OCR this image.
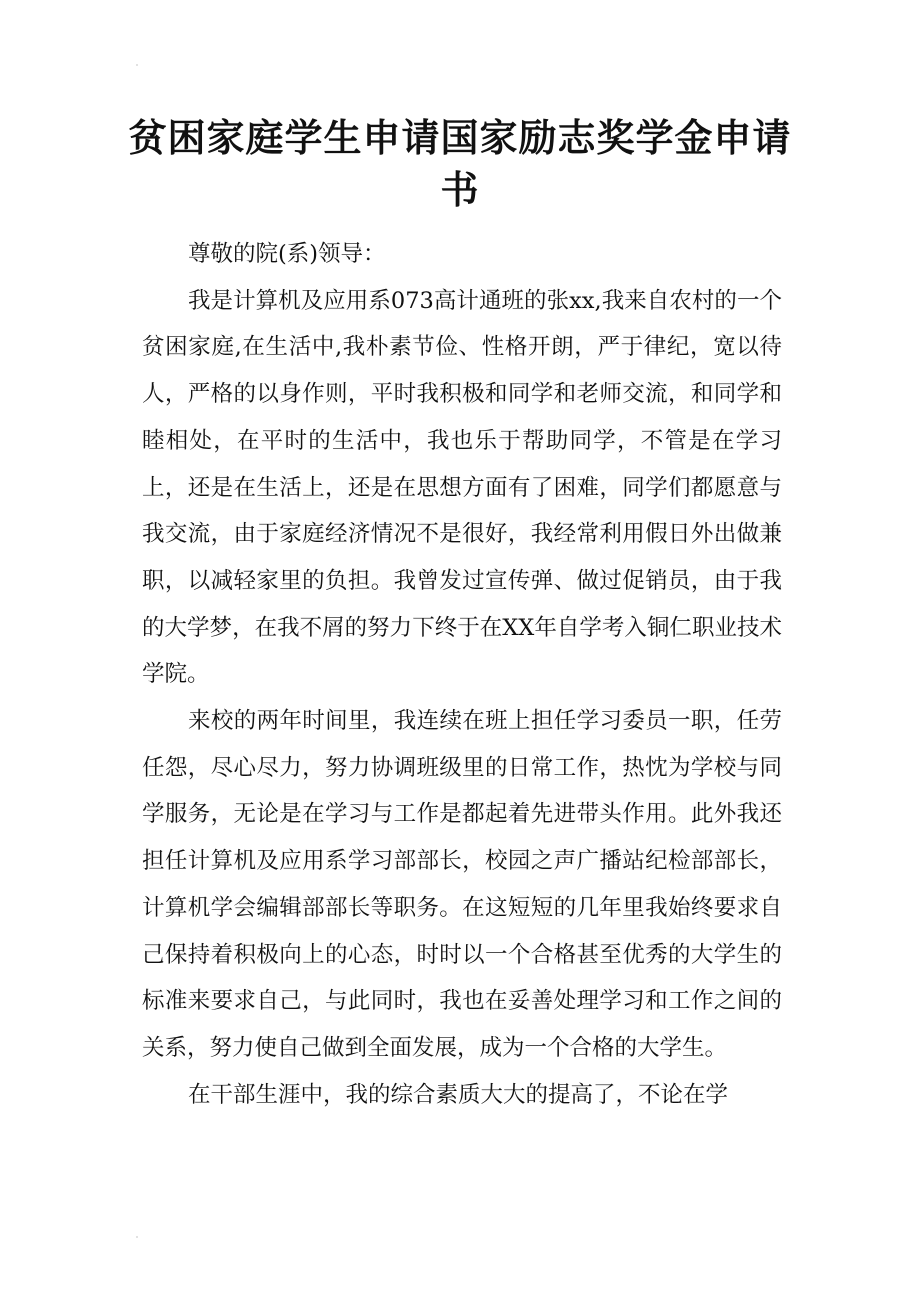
贫困家庭学生申请国家励志奖学金申请书

尊敬的院(系)领导：

我是计算机及应用系073高计通班的张xx,我来自农村的一个贫困家庭,在生活中,我朴素节俭、性格开朗，严于律纪，宽以待人，严格的以身作则，平时我积极和同学和老师交流，和同学和睦相处，在平时的生活中，我也乐于帮助同学，不管是在学习上，还是在生活上，还是在思想方面有了困难，同学们都愿意与我交流，由于家庭经济情况不是很好，我经常利用假日外出做兼职，以减轻家里的负担。我曾发过宣传弹、做过促销员，由于我的大学梦，在我不屑的努力下终于在XX年自学考入铜仁职业技术学院。

来校的两年时间里，我连续在班上担任学习委员一职，任劳任怨，尽心尽力，努力协调班级里的日常工作，热忱为学校与同学服务，无论是在学习与工作是都起着先进带头作用。此外我还担任计算机及应用系学习部部长，校园之声广播站纪检部部长，计算机学会编辑部部长等职务。在这短短的几年里我始终要求自己保持着积极向上的心态，时时以一个合格甚至优秀的大学生的标准来要求自己，与此同时，我也在妥善处理学习和工作之间的关系，努力使自己做到全面发展，成为一个合格的大学生。

在干部生涯中，我的综合素质大大的提高了，不论在学
